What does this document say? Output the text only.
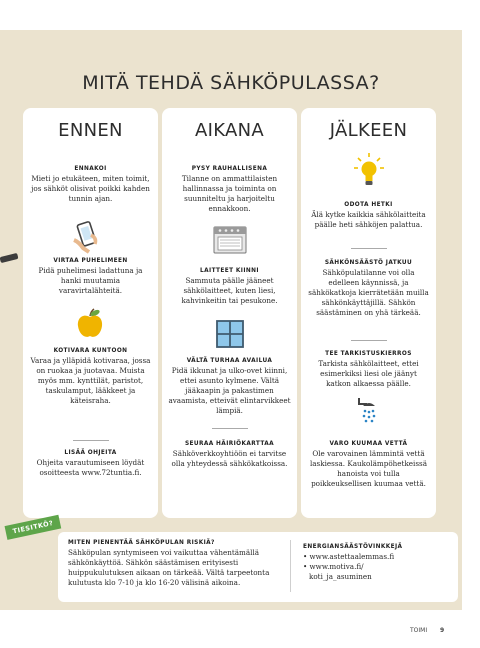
MITÄ TEHDÄ SÄHKÖPULASSA?
ENNEN
ENNAKOI
Mieti jo etukäteen, miten toimit, jos sähköt olisivat poikki kahden tunnin ajan.
VIRTAA PUHELIMEEN
Pidä puhelimesi ladattuna ja hanki muutamia varavirtalähteitä.
KOTIVARA KUNTOON
Varaa ja ylläpidä kotivaraa, jossa on ruokaa ja juotavaa. Muista myös mm. kynttilät, paristot, taskulamput, lääkkeet ja käteisraha.
LISÄÄ OHJEITA
Ohjeita varautumiseen löydät osoitteesta www.72tuntia.fi.
AIKANA
PYSY RAUHALLISENA
Tilanne on ammattilaisten hallinnassa ja toiminta on suunniteltu ja harjoiteltu ennakkoon.
LAITTEET KIINNI
Sammuta päälle jääneet sähkölaitteet, kuten liesi, kahvinkeitin tai pesukone.
VÄLTÄ TURHAA AVAILUA
Pidä ikkunat ja ulko-ovet kiinni, ettei asunto kylmene. Vältä jääkaapin ja pakastimen avaamista, etteivät elintarvikkeet lämpiä.
SEURAA HÄIRIÖKARTTAA
Sähköverkkoyhtiöön ei tarvitse olla yhteydessä sähkökatkoissa.
JÄLKEEN
ODOTA HETKI
Älä kytke kaikkia sähkölaitteita päälle heti sähköjen palattua.
SÄHKÖNSÄÄSTÖ JATKUU
Sähköpulatilanne voi olla edelleen käynnissä, ja sähkökatkoja kierrätetään muilla sähkönkäyttäjillä. Sähkön säästäminen on yhä tärkeää.
TEE TARKISTUSKIERROS
Tarkista sähkölaitteet, ettei esimerkiksi liesi ole jäänyt katkon alkaessa päälle.
VARO KUUMAA VETTÄ
Ole varovainen lämmintä vettä laskiessa. Kaukolämpöhetkeissä hanoista voi tulla poikkeuksellisen kuumaa vettä.
MITEN PIENENTÄÄ SÄHKÖPULAN RISKIÄ?
Sähköpulan syntymiseen voi vaikuttaa vähentämällä sähkönkäyttöä. Sähkön säästämisen erityisesti huippukulutuksen aikaan on tärkeää. Vältä tarpeetonta kulutusta klo 7-10 ja klo 16-20 välisinä aikoina.
ENERGIANSÄÄSTÖVINKKEJÄ
• www.astettaalemmas.fi
• www.motiva.fi/
koti_ja_asuminen
TIESITKÖ?
TOIMI 9
